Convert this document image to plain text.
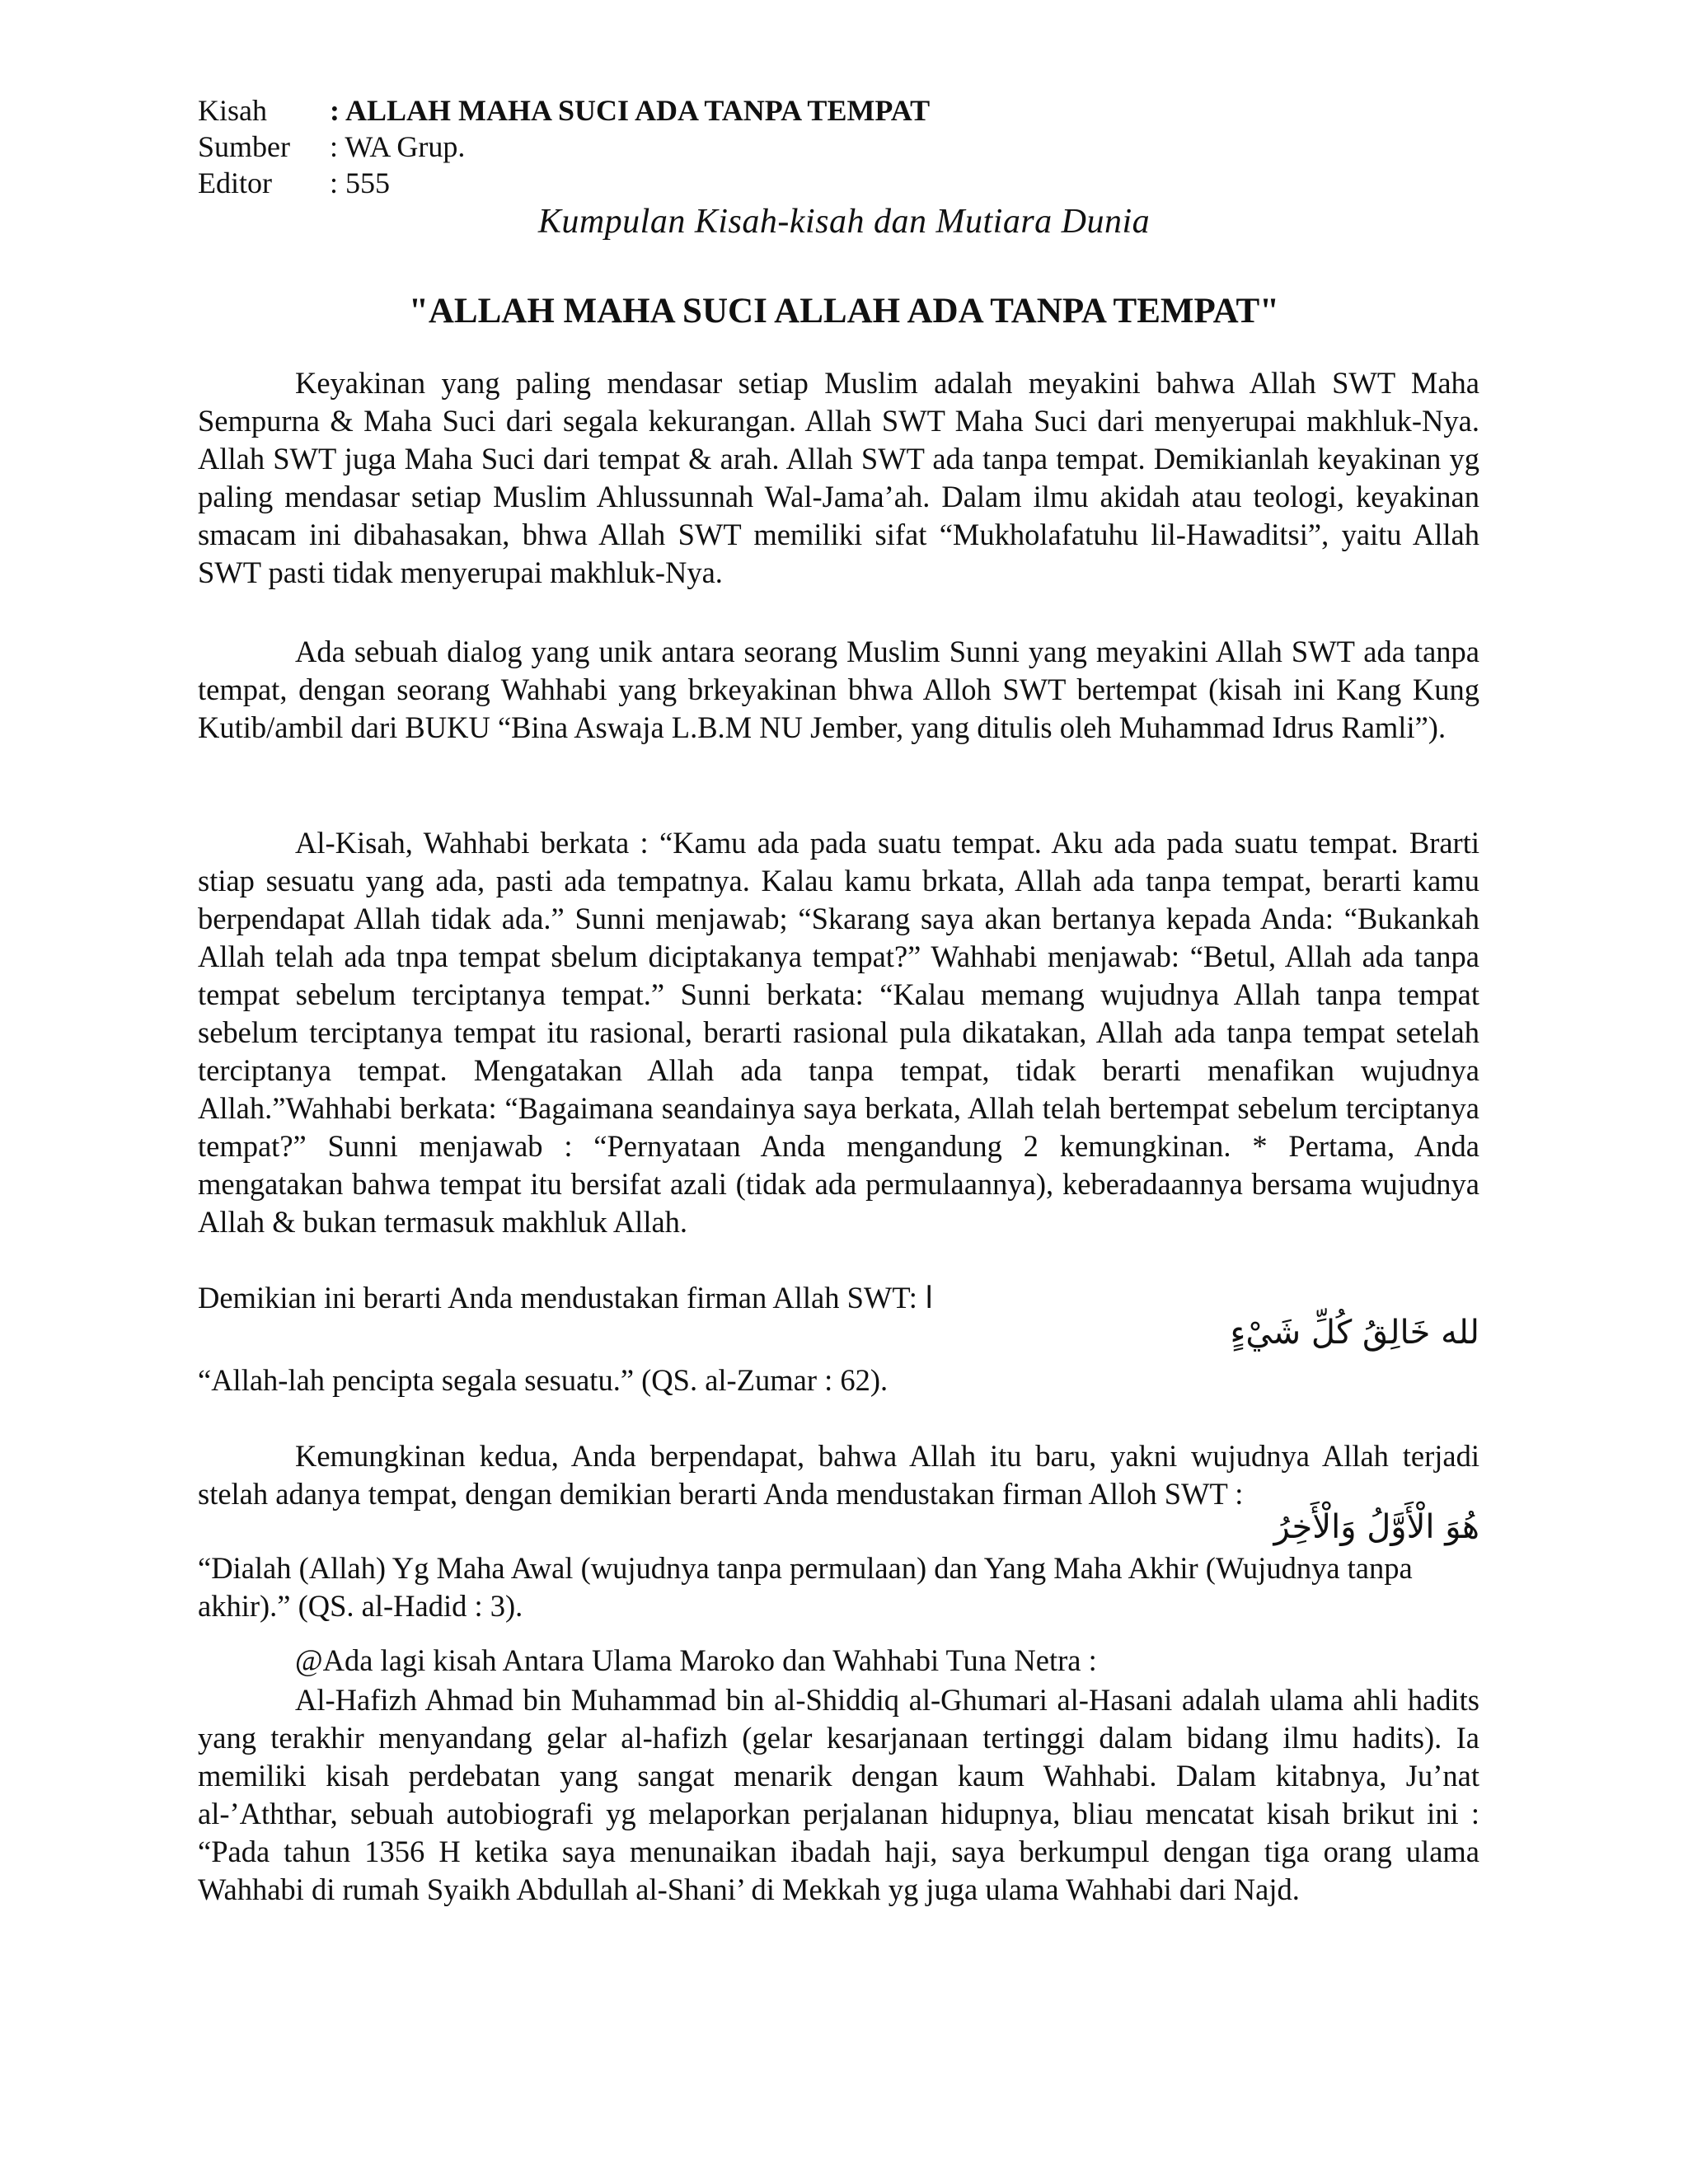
Kisah	: ALLAH MAHA SUCI ADA TANPA TEMPAT
Sumber	: WA Grup.
Editor	: 555
Kumpulan Kisah-kisah dan Mutiara Dunia
"ALLAH MAHA SUCI ALLAH ADA TANPA TEMPAT"

Keyakinan yang paling mendasar setiap Muslim adalah meyakini bahwa Allah SWT Maha Sempurna & Maha Suci dari segala kekurangan. Allah SWT Maha Suci dari menyerupai makhluk-Nya. Allah SWT juga Maha Suci dari tempat & arah. Allah SWT ada tanpa tempat. Demikianlah keyakinan yg paling mendasar setiap Muslim Ahlussunnah Wal-Jama’ah. Dalam ilmu akidah atau teologi, keyakinan smacam ini dibahasakan, bhwa Allah SWT memiliki sifat “Mukholafatuhu lil-Hawaditsi”, yaitu Allah SWT pasti tidak menyerupai makhluk-Nya.

Ada sebuah dialog yang unik antara seorang Muslim Sunni yang meyakini Allah SWT ada tanpa tempat, dengan seorang Wahhabi yang brkeyakinan bhwa Alloh SWT bertempat (kisah ini Kang Kung Kutib/ambil dari BUKU “Bina Aswaja L.B.M NU Jember, yang ditulis oleh Muhammad Idrus Ramli”).

Al-Kisah, Wahhabi berkata : “Kamu ada pada suatu tempat. Aku ada pada suatu tempat. Brarti stiap sesuatu yang ada, pasti ada tempatnya. Kalau kamu brkata, Allah ada tanpa tempat, berarti kamu berpendapat Allah tidak ada.” Sunni menjawab; “Skarang saya akan bertanya kepada Anda: “Bukankah Allah telah ada tnpa tempat sbelum diciptakanya tempat?” Wahhabi menjawab: “Betul, Allah ada tanpa tempat sebelum terciptanya tempat.” Sunni berkata: “Kalau memang wujudnya Allah tanpa tempat sebelum terciptanya tempat itu rasional, berarti rasional pula dikatakan, Allah ada tanpa tempat setelah terciptanya tempat. Mengatakan Allah ada tanpa tempat, tidak berarti menafikan wujudnya Allah.”Wahhabi berkata: “Bagaimana seandainya saya berkata, Allah telah bertempat sebelum terciptanya tempat?” Sunni menjawab : “Pernyataan Anda mengandung 2 kemungkinan. * Pertama, Anda mengatakan bahwa tempat itu bersifat azali (tidak ada permulaannya), keberadaannya bersama wujudnya Allah & bukan termasuk makhluk Allah.

Demikian ini berarti Anda mendustakan firman Allah SWT: ا

لله خَالِقُ كُلِّ شَيْءٍ

“Allah-lah pencipta segala sesuatu.” (QS. al-Zumar : 62).

Kemungkinan kedua, Anda berpendapat, bahwa Allah itu baru, yakni wujudnya Allah terjadi stelah adanya tempat, dengan demikian berarti Anda mendustakan firman Alloh SWT :

هُوَ الْأَوَّلُ وَالْأَخِرُ

“Dialah (Allah) Yg Maha Awal (wujudnya tanpa permulaan) dan Yang Maha Akhir (Wujudnya tanpa akhir).” (QS. al-Hadid : 3).

@Ada lagi kisah Antara Ulama Maroko dan Wahhabi Tuna Netra :

Al-Hafizh Ahmad bin Muhammad bin al-Shiddiq al-Ghumari al-Hasani adalah ulama ahli hadits yang terakhir menyandang gelar al-hafizh (gelar kesarjanaan tertinggi dalam bidang ilmu hadits). Ia memiliki kisah perdebatan yang sangat menarik dengan kaum Wahhabi. Dalam kitabnya, Ju’nat al-’Aththar, sebuah autobiografi yg melaporkan perjalanan hidupnya, bliau mencatat kisah brikut ini : “Pada tahun 1356 H ketika saya menunaikan ibadah haji, saya berkumpul dengan tiga orang ulama Wahhabi di rumah Syaikh Abdullah al-Shani’ di Mekkah yg juga ulama Wahhabi dari Najd.
